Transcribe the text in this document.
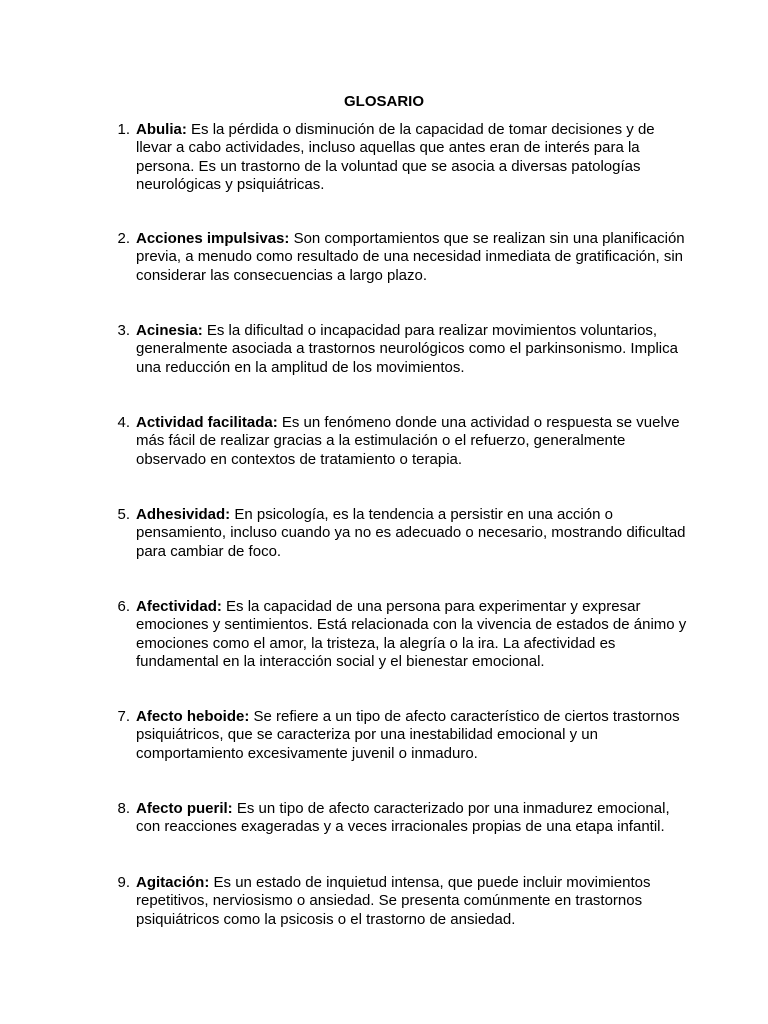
GLOSARIO
1. Abulia: Es la pérdida o disminución de la capacidad de tomar decisiones y de llevar a cabo actividades, incluso aquellas que antes eran de interés para la persona. Es un trastorno de la voluntad que se asocia a diversas patologías neurológicas y psiquiátricas.
2. Acciones impulsivas: Son comportamientos que se realizan sin una planificación previa, a menudo como resultado de una necesidad inmediata de gratificación, sin considerar las consecuencias a largo plazo.
3. Acinesia: Es la dificultad o incapacidad para realizar movimientos voluntarios, generalmente asociada a trastornos neurológicos como el parkinsonismo. Implica una reducción en la amplitud de los movimientos.
4. Actividad facilitada: Es un fenómeno donde una actividad o respuesta se vuelve más fácil de realizar gracias a la estimulación o el refuerzo, generalmente observado en contextos de tratamiento o terapia.
5. Adhesividad: En psicología, es la tendencia a persistir en una acción o pensamiento, incluso cuando ya no es adecuado o necesario, mostrando dificultad para cambiar de foco.
6. Afectividad: Es la capacidad de una persona para experimentar y expresar emociones y sentimientos. Está relacionada con la vivencia de estados de ánimo y emociones como el amor, la tristeza, la alegría o la ira. La afectividad es fundamental en la interacción social y el bienestar emocional.
7. Afecto heboide: Se refiere a un tipo de afecto característico de ciertos trastornos psiquiátricos, que se caracteriza por una inestabilidad emocional y un comportamiento excesivamente juvenil o inmaduro.
8. Afecto pueril: Es un tipo de afecto caracterizado por una inmadurez emocional, con reacciones exageradas y a veces irracionales propias de una etapa infantil.
9. Agitación: Es un estado de inquietud intensa, que puede incluir movimientos repetitivos, nerviosismo o ansiedad. Se presenta comúnmente en trastornos psiquiátricos como la psicosis o el trastorno de ansiedad.
